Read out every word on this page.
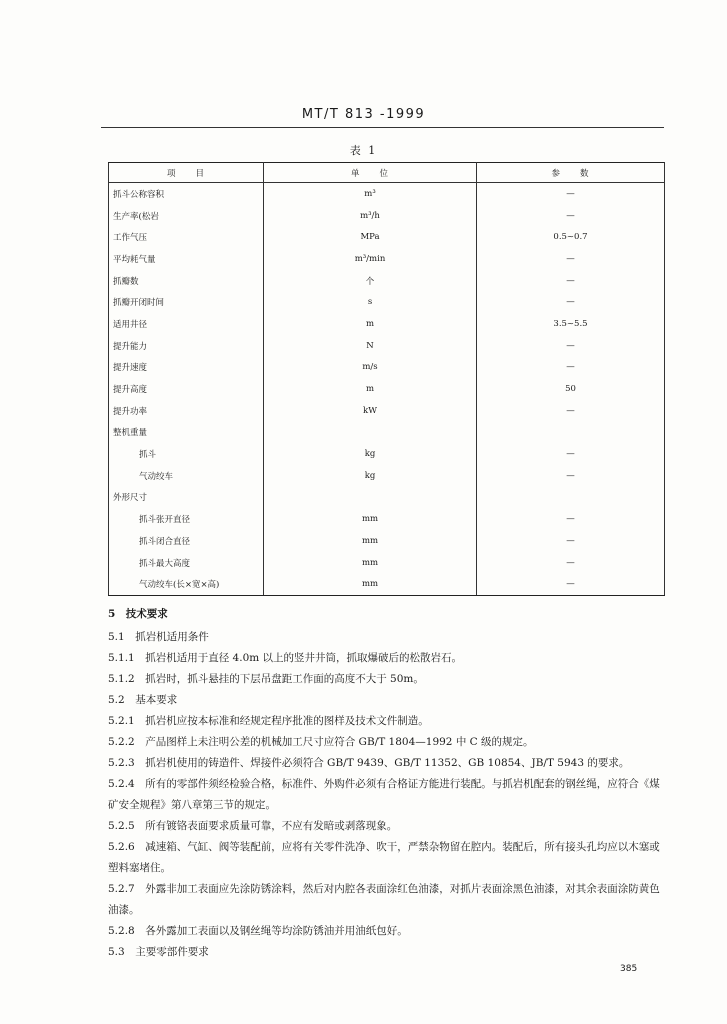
MT/T 813 -1999
表 1
项　　目	单　　位	参　　数
抓斗公称容积	m³	—
生产率(松岩	m³/h	—
工作气压	MPa	0.5~0.7
平均耗气量	m³/min	—
抓瓣数	个	—
抓瓣开闭时间	s	—
适用井径	m	3.5~5.5
提升能力	N	—
提升速度	m/s	—
提升高度	m	50
提升功率	kW	—
整机重量		
抓斗	kg	—
气动绞车	kg	—
外形尺寸		
抓斗张开直径	mm	—
抓斗闭合直径	mm	—
抓斗最大高度	mm	—
气动绞车(长×宽×高)	mm	—

5　技术要求

5.1　抓岩机适用条件

5.1.1　抓岩机适用于直径 4.0m 以上的竖井井筒，抓取爆破后的松散岩石。

5.1.2　抓岩时，抓斗悬挂的下层吊盘距工作面的高度不大于 50m。

5.2　基本要求

5.2.1　抓岩机应按本标准和经规定程序批准的图样及技术文件制造。

5.2.2　产品图样上未注明公差的机械加工尺寸应符合 GB/T 1804—1992 中 C 级的规定。

5.2.3　抓岩机使用的铸造件、焊接件必须符合 GB/T 9439、GB/T 11352、GB 10854、JB/T 5943 的要求。

5.2.4　所有的零部件须经检验合格，标准件、外购件必须有合格证方能进行装配。与抓岩机配套的钢丝绳，应符合《煤矿安全规程》第八章第三节的规定。

5.2.5　所有镀铬表面要求质量可靠，不应有发暗或剥落现象。

5.2.6　减速箱、气缸、阀等装配前，应将有关零件洗净、吹干，严禁杂物留在腔内。装配后，所有接头孔均应以木塞或塑料塞堵住。

5.2.7　外露非加工表面应先涂防锈涂料，然后对内腔各表面涂红色油漆，对抓片表面涂黑色油漆，对其余表面涂防黄色油漆。

5.2.8　各外露加工表面以及钢丝绳等均涂防锈油并用油纸包好。

5.3　主要零部件要求

385
